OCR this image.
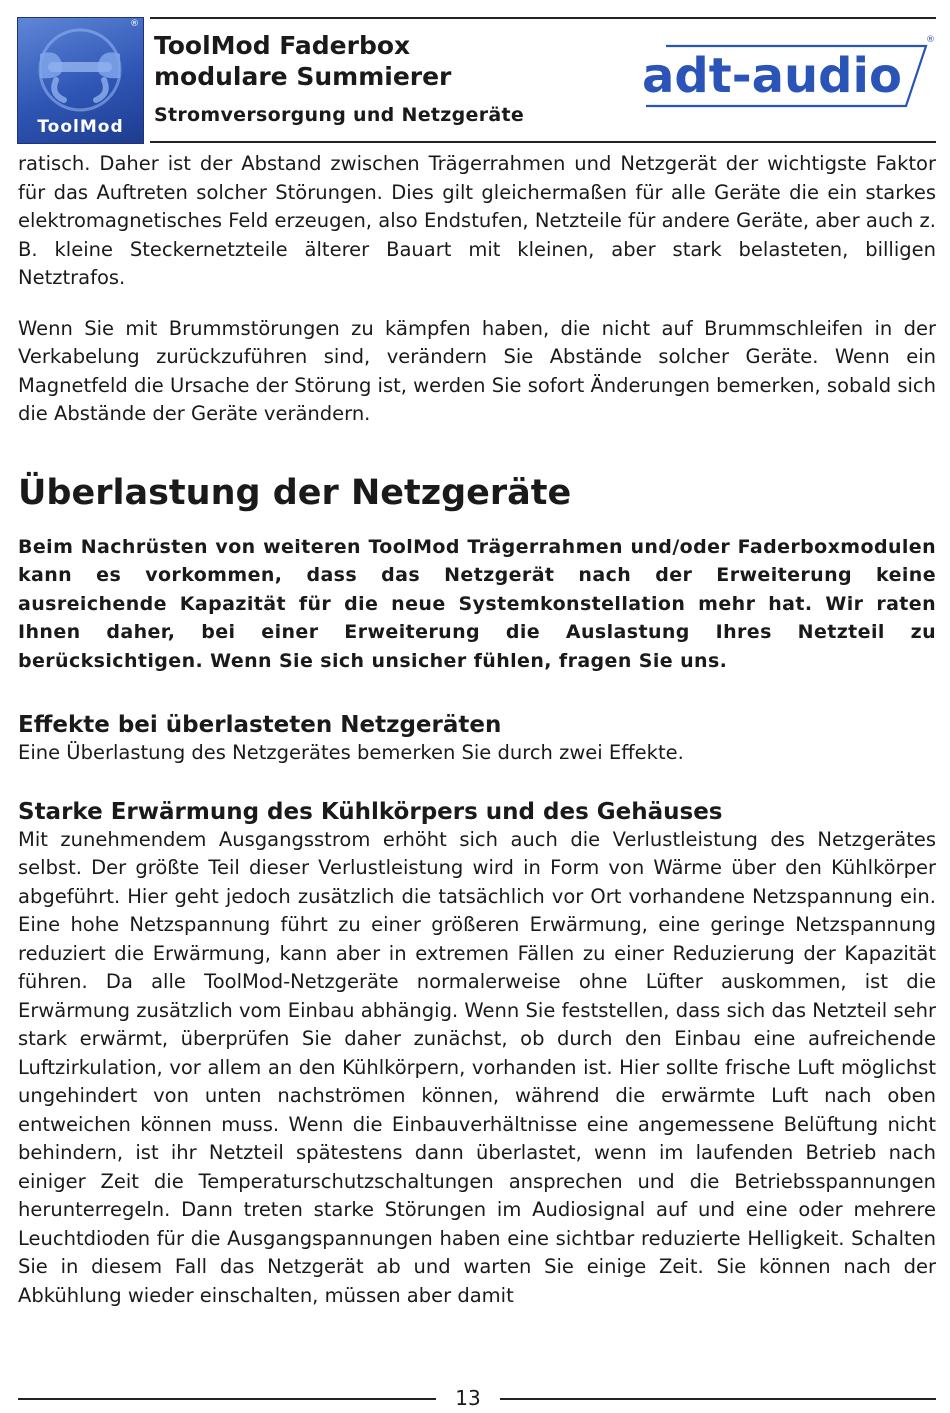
®
ToolMod
ToolMod Faderbox
modulare Summierer
Stromversorgung und Netzgeräte
adt-audio
®

ratisch. Daher ist der Abstand zwischen Trägerrahmen und Netzgerät der wichtigste Faktor für das Auftreten solcher Störungen. Dies gilt gleichermaßen für alle Geräte die ein starkes elektromagnetisches Feld erzeugen, also Endstufen, Netzteile für andere Geräte, aber auch z. B. kleine Steckernetzteile älterer Bauart mit kleinen, aber stark belasteten, billigen Netztrafos.

Wenn Sie mit Brummstörungen zu kämpfen haben, die nicht auf Brummschleifen in der Verkabelung zurückzuführen sind, verändern Sie Abstände solcher Geräte. Wenn ein Magnetfeld die Ursache der Störung ist, werden Sie sofort Änderungen bemerken, sobald sich die Abstände der Geräte verändern.

Überlastung der Netzgeräte

Beim Nachrüsten von weiteren ToolMod Trägerrahmen und/oder Faderboxmodulen kann es vorkommen, dass das Netzgerät nach der Erweiterung keine ausreichende Kapazität für die neue Systemkonstellation mehr hat. Wir raten Ihnen daher, bei einer Erweiterung die Auslastung Ihres Netzteil zu berücksichtigen. Wenn Sie sich unsicher fühlen, fragen Sie uns.

Effekte bei überlasteten Netzgeräten

Eine Überlastung des Netzgerätes bemerken Sie durch zwei Effekte.

Starke Erwärmung des Kühlkörpers und des Gehäuses

Mit zunehmendem Ausgangsstrom erhöht sich auch die Verlustleistung des Netzgerätes selbst. Der größte Teil dieser Verlustleistung wird in Form von Wärme über den Kühlkörper abgeführt. Hier geht jedoch zusätzlich die tatsächlich vor Ort vorhandene Netzspannung ein. Eine hohe Netzspannung führt zu einer größeren Erwärmung, eine geringe Netzspannung reduziert die Erwärmung, kann aber in extremen Fällen zu einer Reduzierung der Kapazität führen. Da alle ToolMod-Netzgeräte normalerweise ohne Lüfter auskommen, ist die Erwärmung zusätzlich vom Einbau abhängig. Wenn Sie feststellen, dass sich das Netzteil sehr stark erwärmt, überprüfen Sie daher zunächst, ob durch den Einbau eine aufreichende Luftzirkulation, vor allem an den Kühlkörpern, vorhanden ist. Hier sollte frische Luft möglichst ungehindert von unten nachströmen können, während die erwärmte Luft nach oben entweichen können muss. Wenn die Einbauverhältnisse eine angemessene Belüftung nicht behindern, ist ihr Netzteil spätestens dann überlastet, wenn im laufenden Betrieb nach einiger Zeit die Temperaturschutzschaltungen ansprechen und die Betriebsspannungen herunterregeln. Dann treten starke Störungen im Audiosignal auf und eine oder mehrere Leuchtdioden für die Ausgangspannungen haben eine sichtbar reduzierte Helligkeit. Schalten Sie in diesem Fall das Netzgerät ab und warten Sie einige Zeit. Sie können nach der Abkühlung wieder einschalten, müssen aber damit

13
